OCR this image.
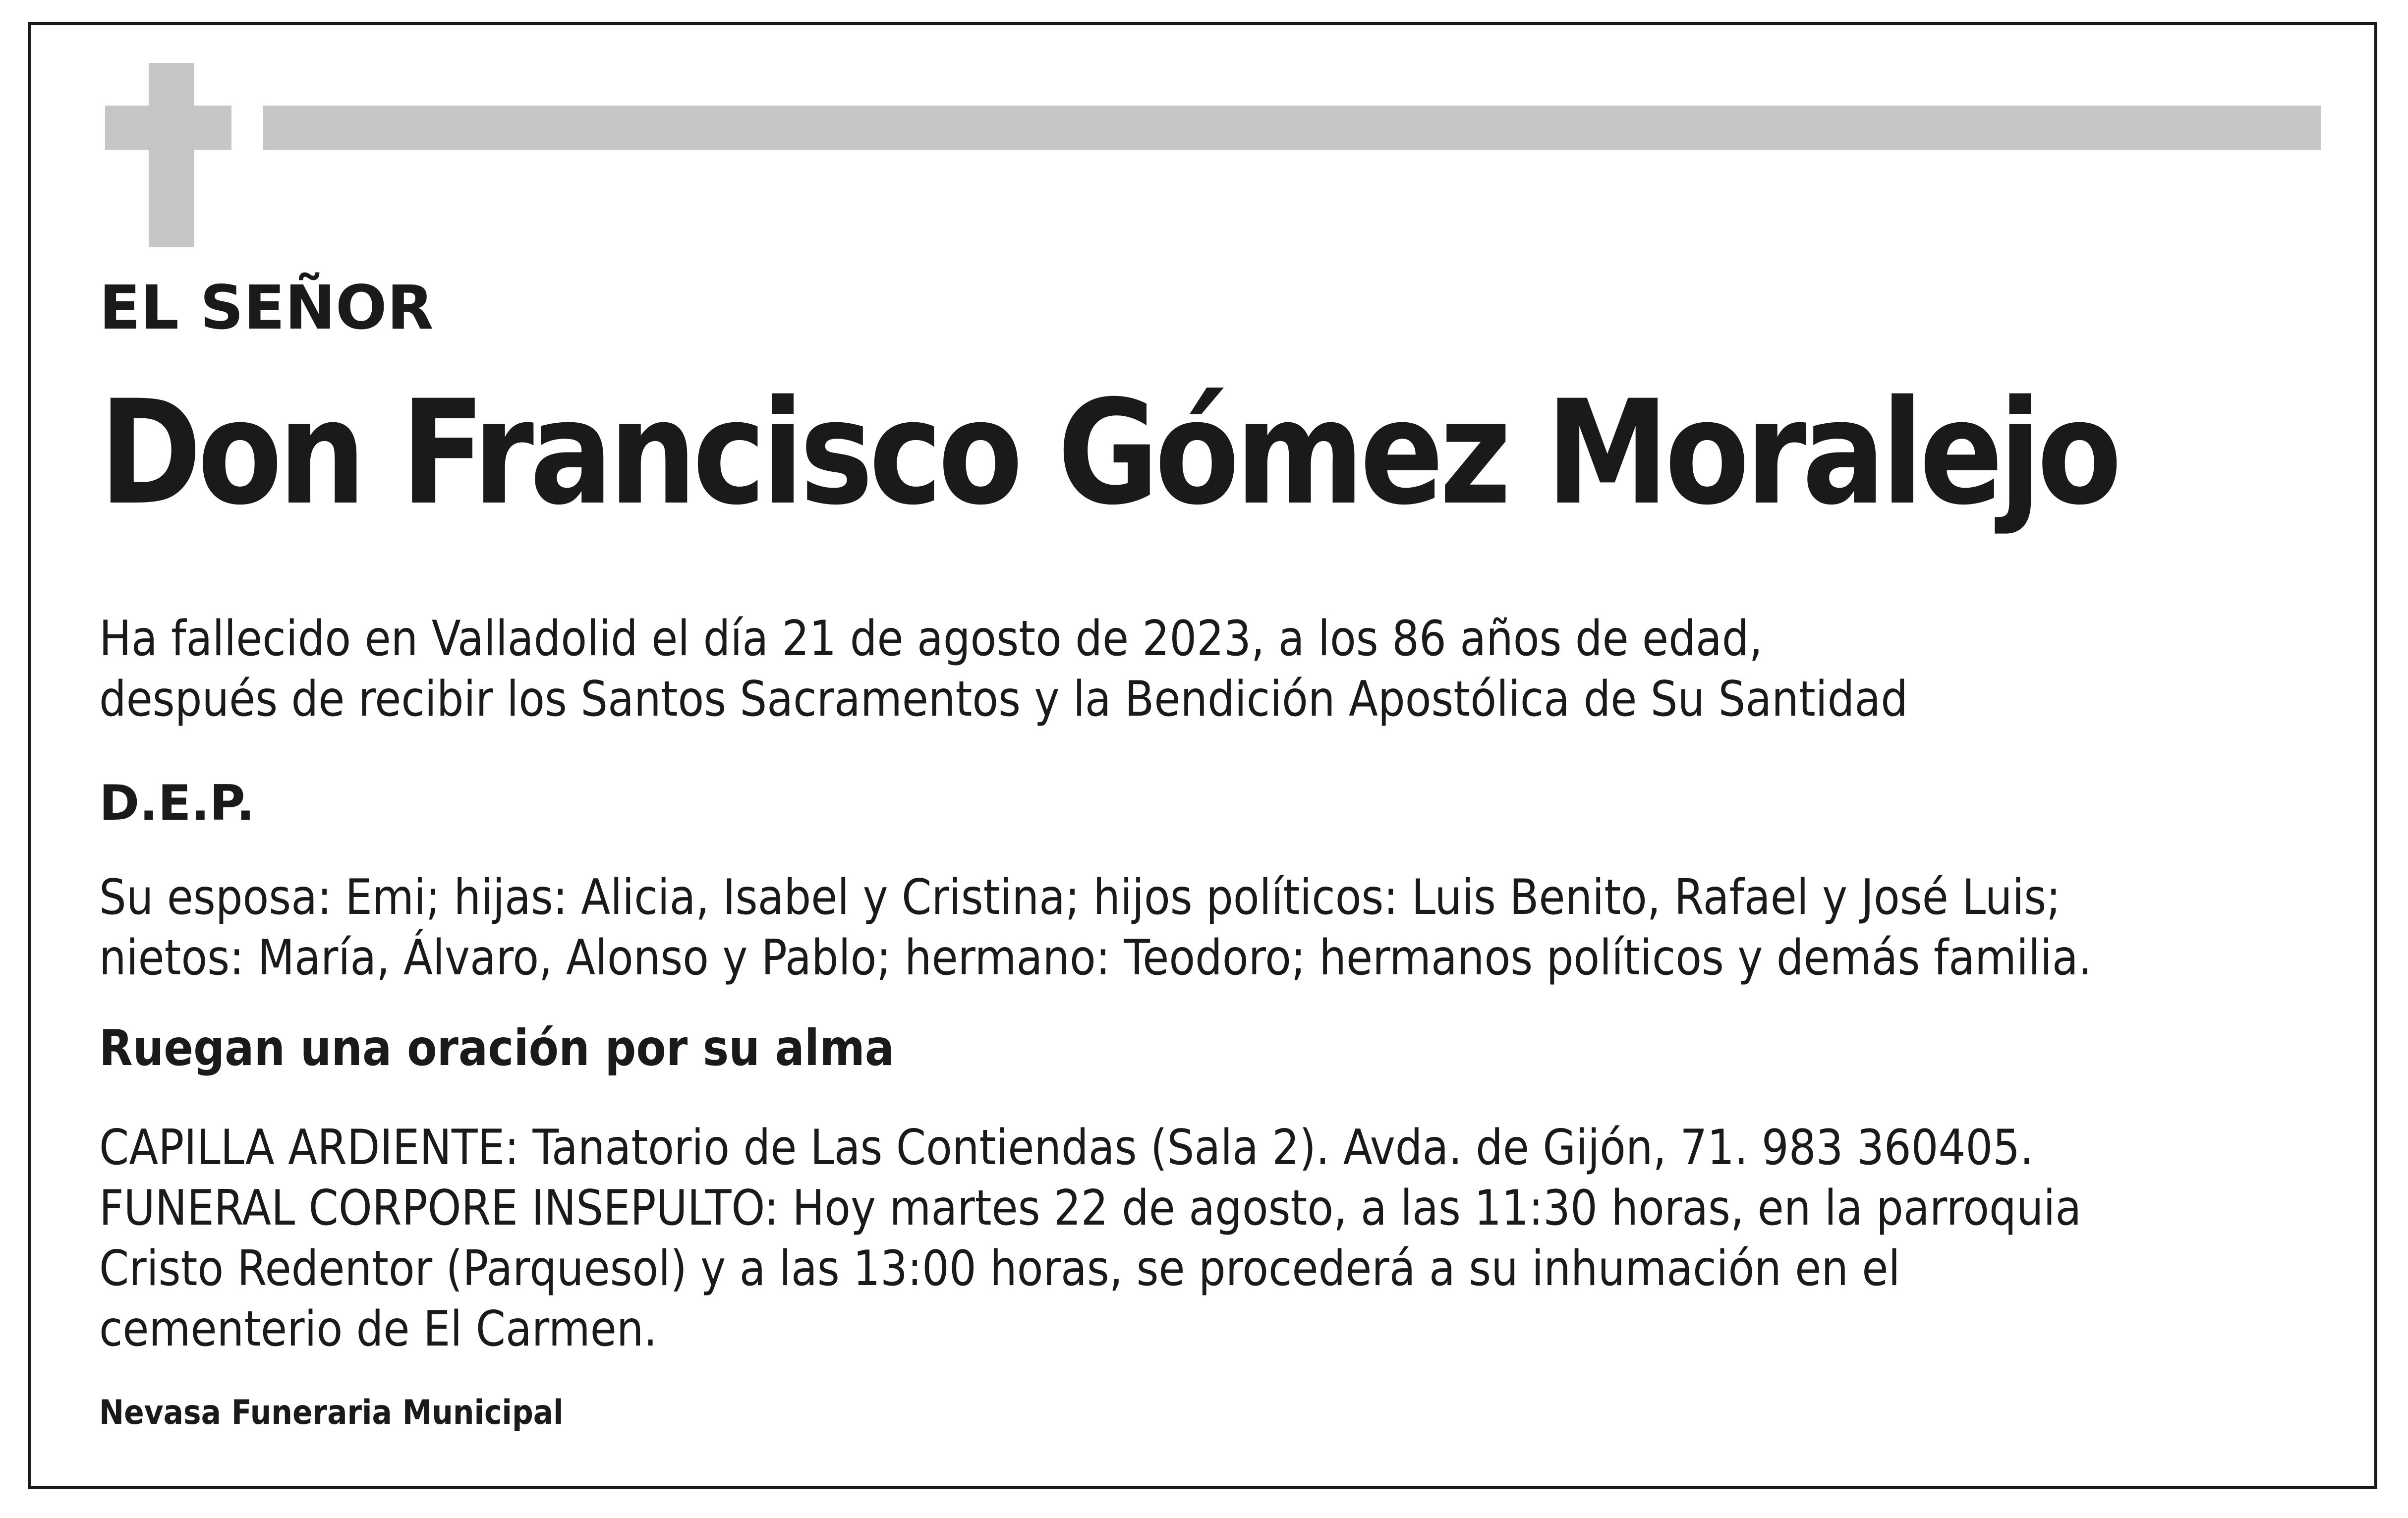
EL SEÑOR
Don Francisco Gómez Moralejo
Ha fallecido en Valladolid el día 21 de agosto de 2023, a los 86 años de edad,
después de recibir los Santos Sacramentos y la Bendición Apostólica de Su Santidad
D.E.P.
Su esposa: Emi; hijas: Alicia, Isabel y Cristina; hijos políticos: Luis Benito, Rafael y José Luis;
nietos: María, Álvaro, Alonso y Pablo; hermano: Teodoro; hermanos políticos y demás familia.
Ruegan una oración por su alma
CAPILLA ARDIENTE: Tanatorio de Las Contiendas (Sala 2). Avda. de Gijón, 71. 983 360405.
FUNERAL CORPORE INSEPULTO: Hoy martes 22 de agosto, a las 11:30 horas, en la parroquia
Cristo Redentor (Parquesol) y a las 13:00 horas, se procederá a su inhumación en el
cementerio de El Carmen.
Nevasa Funeraria Municipal
